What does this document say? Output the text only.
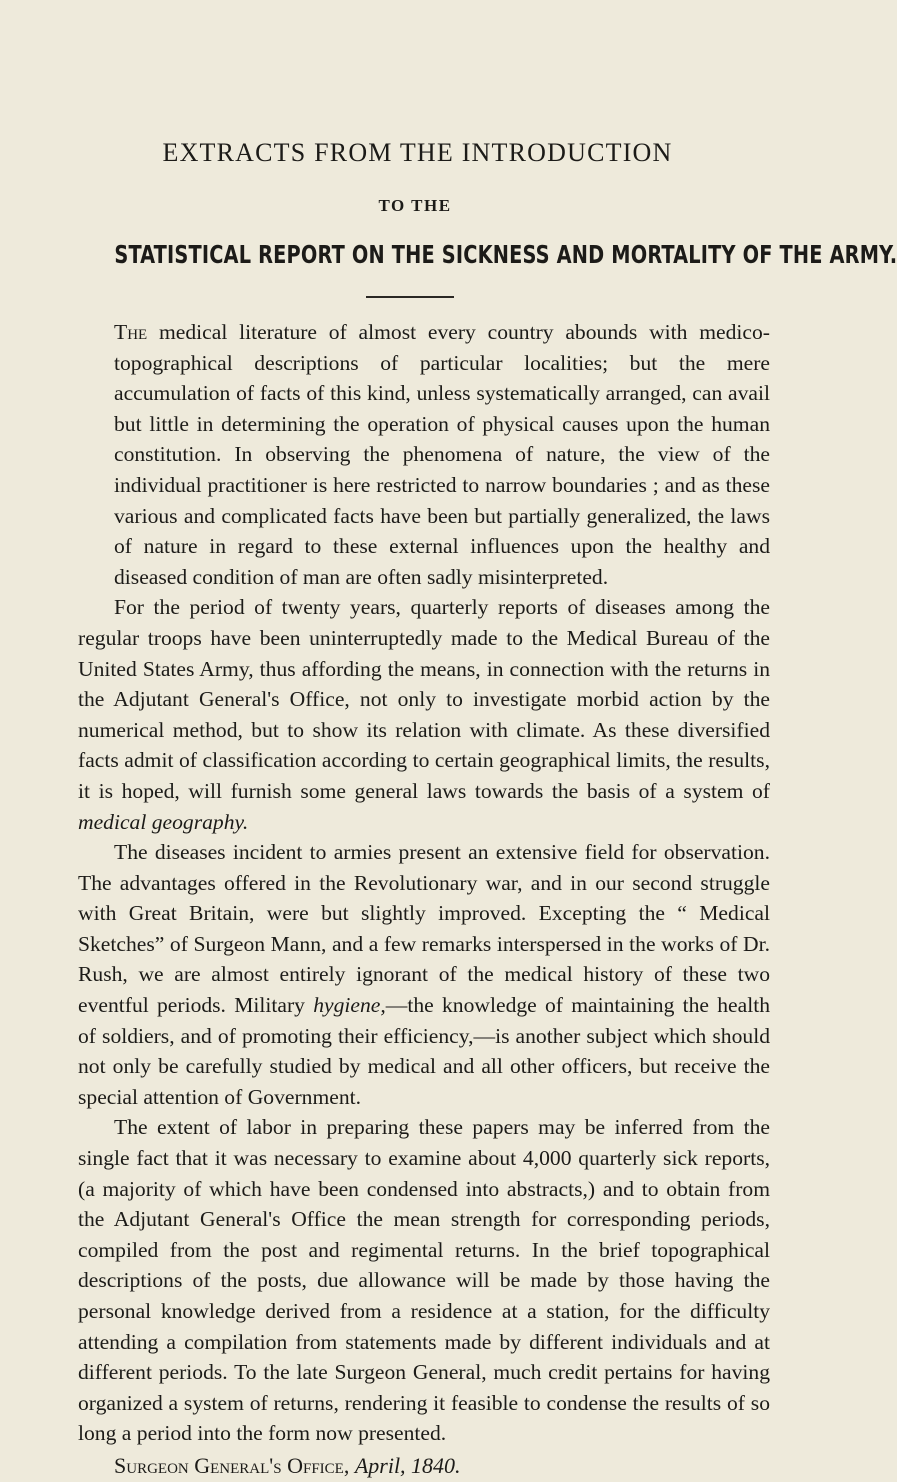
EXTRACTS FROM THE INTRODUCTION
TO THE
STATISTICAL REPORT ON THE SICKNESS AND MORTALITY OF THE ARMY.

The medical literature of almost every country abounds with medico-topographical descriptions of particular localities; but the mere accumulation of facts of this kind, unless systematically arranged, can avail but little in determining the operation of physical causes upon the human constitution. In observing the phenomena of nature, the view of the individual practitioner is here restricted to narrow boundaries ; and as these various and complicated facts have been but partially generalized, the laws of nature in regard to these external influences upon the healthy and diseased condition of man are often sadly misinterpreted.

For the period of twenty years, quarterly reports of diseases among the regular troops have been uninterruptedly made to the Medical Bureau of the United States Army, thus affording the means, in connection with the returns in the Adjutant General's Office, not only to investigate morbid action by the numerical method, but to show its relation with climate. As these diversified facts admit of classification according to certain geographical limits, the results, it is hoped, will furnish some general laws towards the basis of a system of medical geography.

The diseases incident to armies present an extensive field for observation. The advantages offered in the Revolutionary war, and in our second struggle with Great Britain, were but slightly improved. Excepting the “ Medical Sketches” of Surgeon Mann, and a few remarks interspersed in the works of Dr. Rush, we are almost entirely ignorant of the medical history of these two eventful periods. Military hygiene,—the knowledge of maintaining the health of soldiers, and of promoting their efficiency,—is another subject which should not only be carefully studied by medical and all other officers, but receive the special attention of Government.

The extent of labor in preparing these papers may be inferred from the single fact that it was necessary to examine about 4,000 quarterly sick reports, (a majority of which have been condensed into abstracts,) and to obtain from the Adjutant General's Office the mean strength for corresponding periods, compiled from the post and regimental returns. In the brief topographical descriptions of the posts, due allowance will be made by those having the personal knowledge derived from a residence at a station, for the difficulty attending a compilation from statements made by different individuals and at different periods. To the late Surgeon General, much credit pertains for having organized a system of returns, rendering it feasible to condense the results of so long a period into the form now presented.

Surgeon General's Office, April, 1840.
